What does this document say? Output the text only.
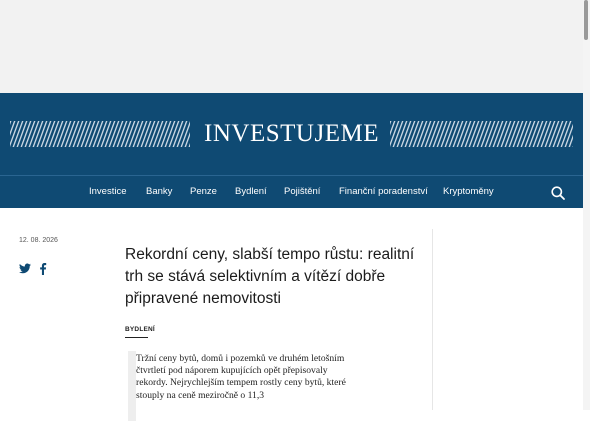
INVESTUJEME
Investice Banky Penze Bydlení Pojištění Finanční poradenství Kryptoměny
12. 08. 2026
Rekordní ceny, slabší tempo růstu: realitní trh se stává selektivním a vítězí dobře připravené nemovitosti
BYDLENÍ

Tržní ceny bytů, domů i pozemků ve druhém letošním čtvrtletí pod náporem kupujících opět přepisovaly rekordy. Nejrychlejším tempem rostly ceny bytů, které stouply na ceně meziročně o 11,3
